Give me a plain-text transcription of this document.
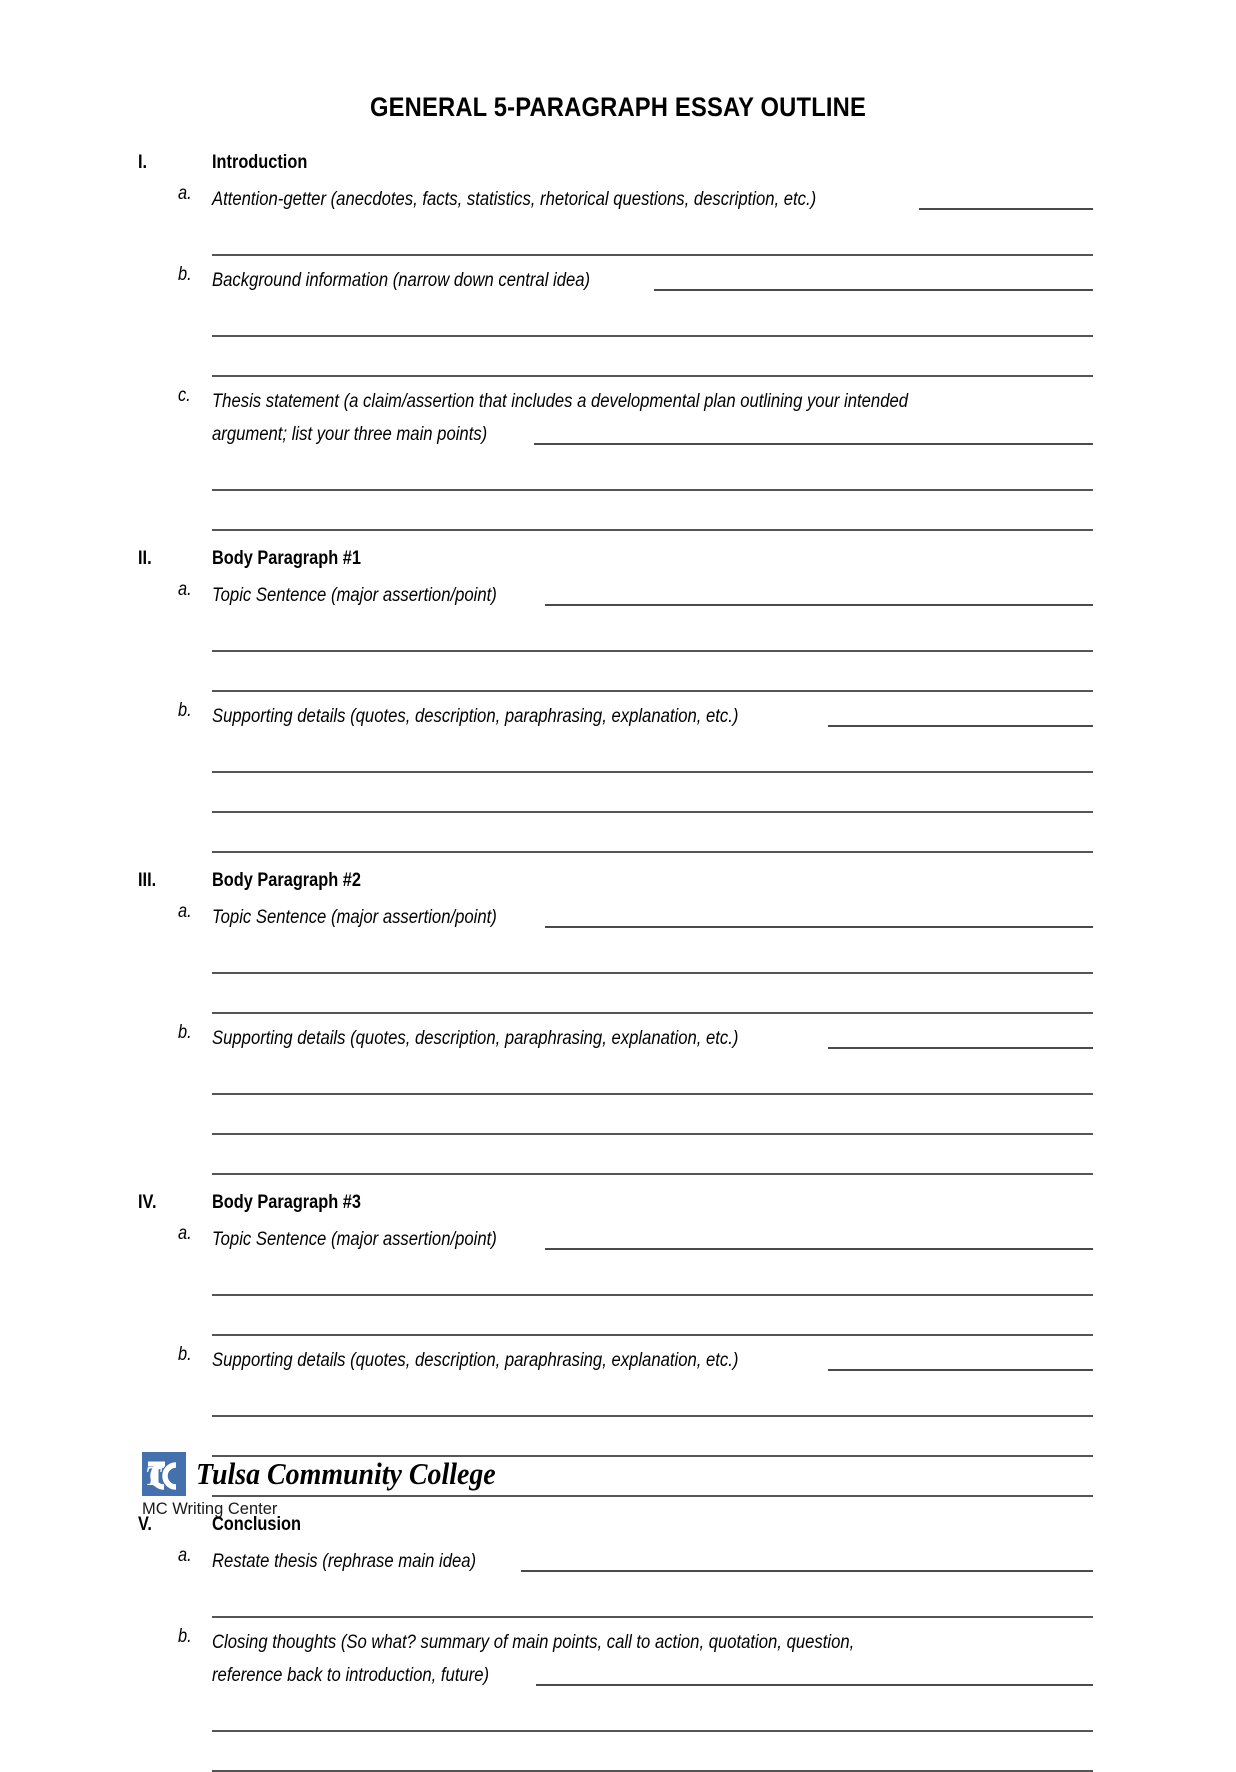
GENERAL 5-PARAGRAPH ESSAY OUTLINE
I.	Introduction
a.	Attention-getter (anecdotes, facts, statistics, rhetorical questions, description, etc.)
b.	Background information (narrow down central idea)
c.	Thesis statement (a claim/assertion that includes a developmental plan outlining your intended
argument; list your three main points)
II.	Body Paragraph #1
a.	Topic Sentence (major assertion/point)
b.	Supporting details (quotes, description, paraphrasing, explanation, etc.)
III.	Body Paragraph #2
a.	Topic Sentence (major assertion/point)
b.	Supporting details (quotes, description, paraphrasing, explanation, etc.)
IV.	Body Paragraph #3
a.	Topic Sentence (major assertion/point)
b.	Supporting details (quotes, description, paraphrasing, explanation, etc.)
V.	Conclusion
a.	Restate thesis (rephrase main idea)
b.	Closing thoughts (So what? summary of main points, call to action, quotation, question,
reference back to introduction, future)
T Tulsa Community College
MC Writing Center
